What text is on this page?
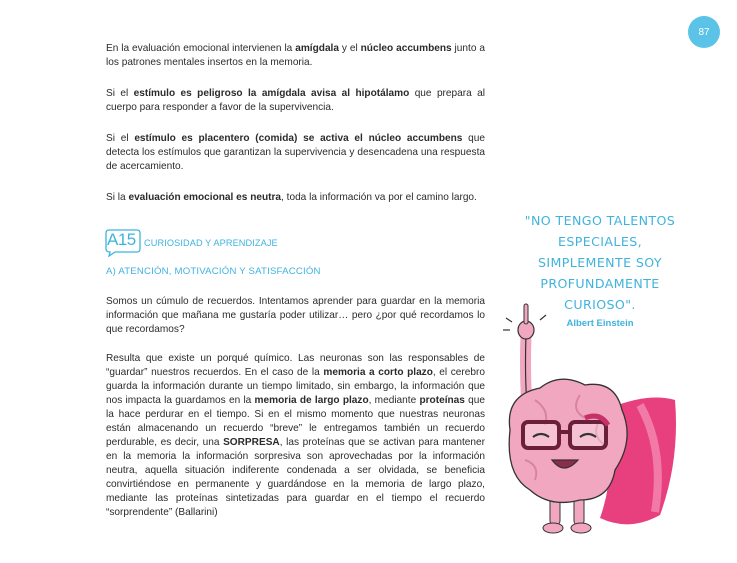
87

En la evaluación emocional intervienen la amígdala y el núcleo accumbens junto a los patrones mentales insertos en la memoria.

Si el estímulo es peligroso la amígdala avisa al hipotálamo que prepara al cuerpo para responder a favor de la supervivencia.

Si el estímulo es placentero (comida) se activa el núcleo accumbens que detecta los estímulos que garantizan la supervivencia y desencadena una respuesta de acercamiento.

Si la evaluación emocional es neutra, toda la información va por el camino largo.

A15 CURIOSIDAD Y APRENDIZAJE
A) ATENCIÓN, MOTIVACIÓN Y SATISFACCIÓN

Somos un cúmulo de recuerdos. Intentamos aprender para guardar en la memoria información que mañana me gustaría poder utilizar… pero ¿por qué recordamos lo que recordamos?

Resulta que existe un porqué químico. Las neuronas son las responsables de “guardar” nuestros recuerdos. En el caso de la memoria a corto plazo, el cerebro guarda la información durante un tiempo limitado, sin embargo, la información que nos impacta la guardamos en la memoria de largo plazo, mediante proteínas que la hace perdurar en el tiempo. Si en el mismo momento que nuestras neuronas están almacenando un recuerdo “breve” le entregamos también un recuerdo perdurable, es decir, una SORPRESA, las proteínas que se activan para mantener en la memoria la información sorpresiva son aprovechadas por la información neutra, aquella situación indiferente condenada a ser olvidada, se beneficia convirtiéndose en permanente y guardándose en la memoria de largo plazo, mediante las proteínas sintetizadas para guardar en el tiempo el recuerdo “sorprendente” (Ballarini)

"NO TENGO TALENTOS
ESPECIALES,
SIMPLEMENTE SOY
PROFUNDAMENTE
CURIOSO".
Albert Einstein
